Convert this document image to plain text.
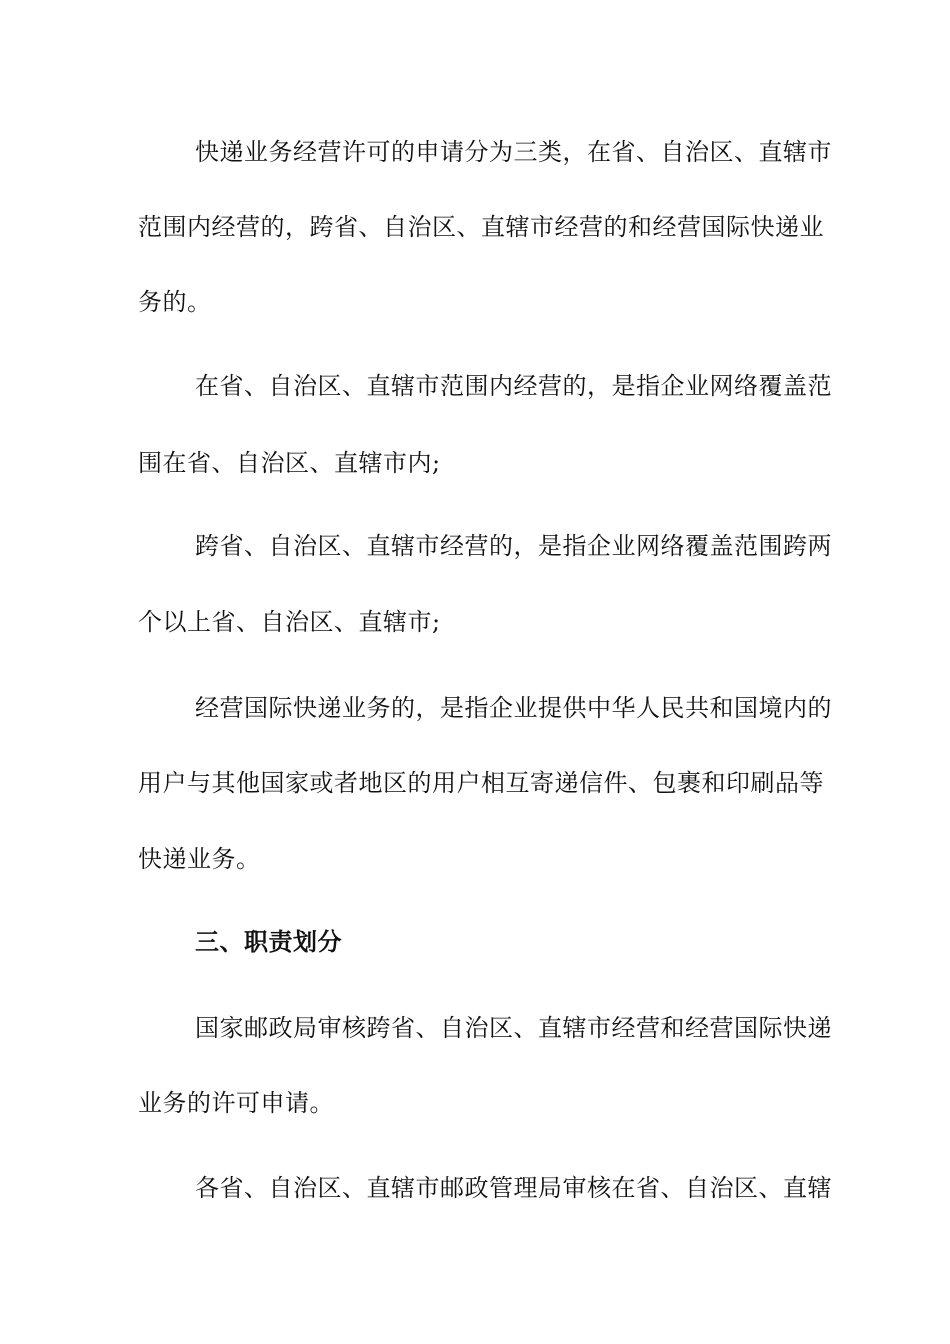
快递业务经营许可的申请分为三类，在省、自治区、直辖市
范围内经营的，跨省、自治区、直辖市经营的和经营国际快递业
务的。
在省、自治区、直辖市范围内经营的，是指企业网络覆盖范
围在省、自治区、直辖市内;
跨省、自治区、直辖市经营的，是指企业网络覆盖范围跨两
个以上省、自治区、直辖市;
经营国际快递业务的，是指企业提供中华人民共和国境内的
用户与其他国家或者地区的用户相互寄递信件、包裹和印刷品等
快递业务。
三、职责划分
国家邮政局审核跨省、自治区、直辖市经营和经营国际快递
业务的许可申请。
各省、自治区、直辖市邮政管理局审核在省、自治区、直辖
